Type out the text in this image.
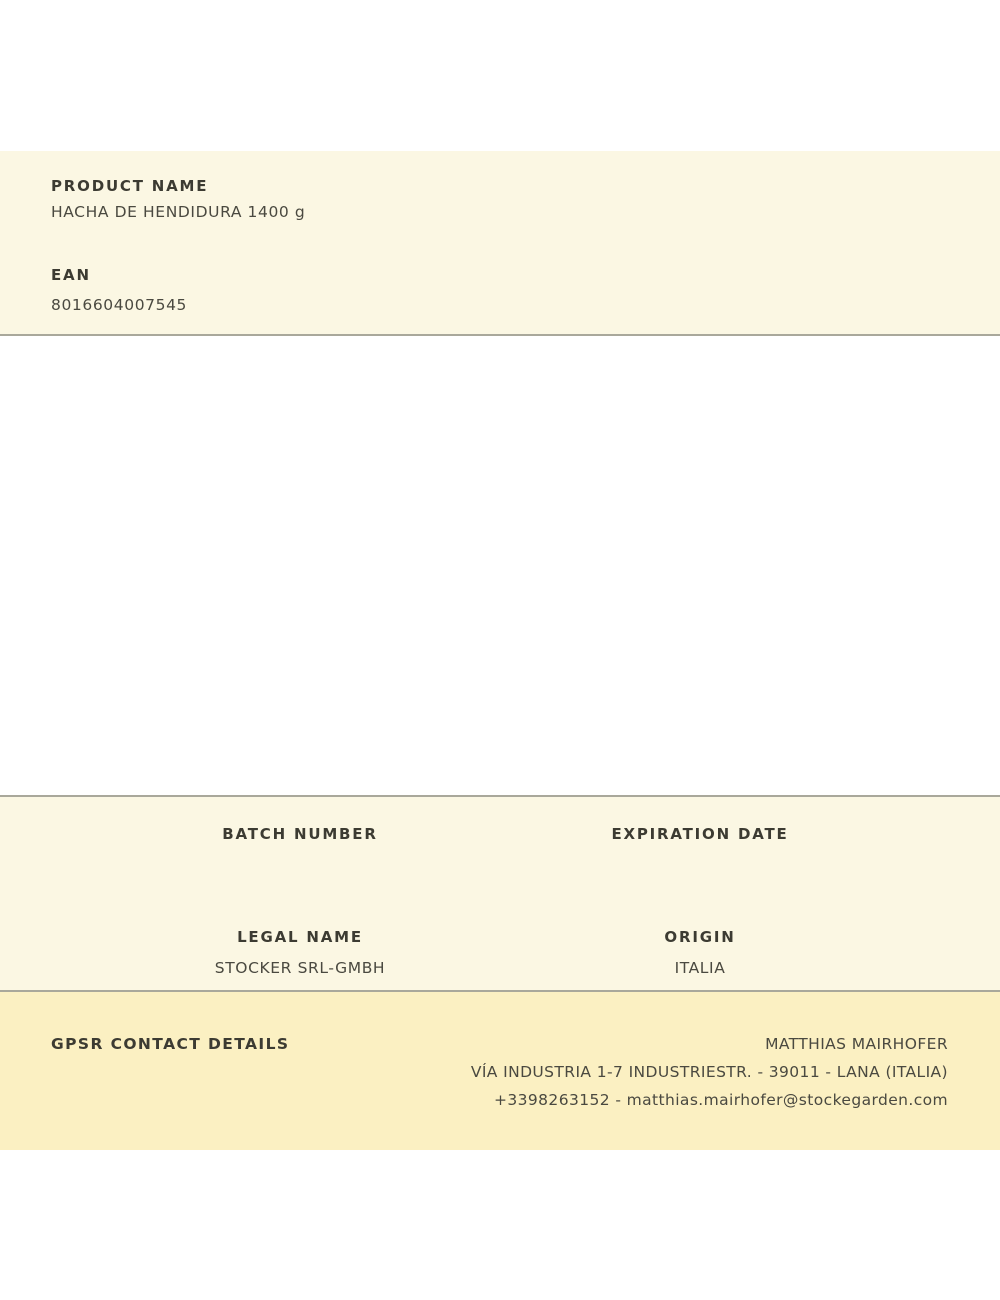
PRODUCT NAME
HACHA DE HENDIDURA 1400 g
EAN
8016604007545
BATCH NUMBER	EXPIRATION DATE
LEGAL NAME
STOCKER SRL-GMBH
ORIGIN
ITALIA
GPSR CONTACT DETAILS	MATTHIAS MAIRHOFER
VÍA INDUSTRIA 1-7 INDUSTRIESTR. - 39011 - LANA (ITALIA)
+3398263152 - matthias.mairhofer@stockegarden.com
